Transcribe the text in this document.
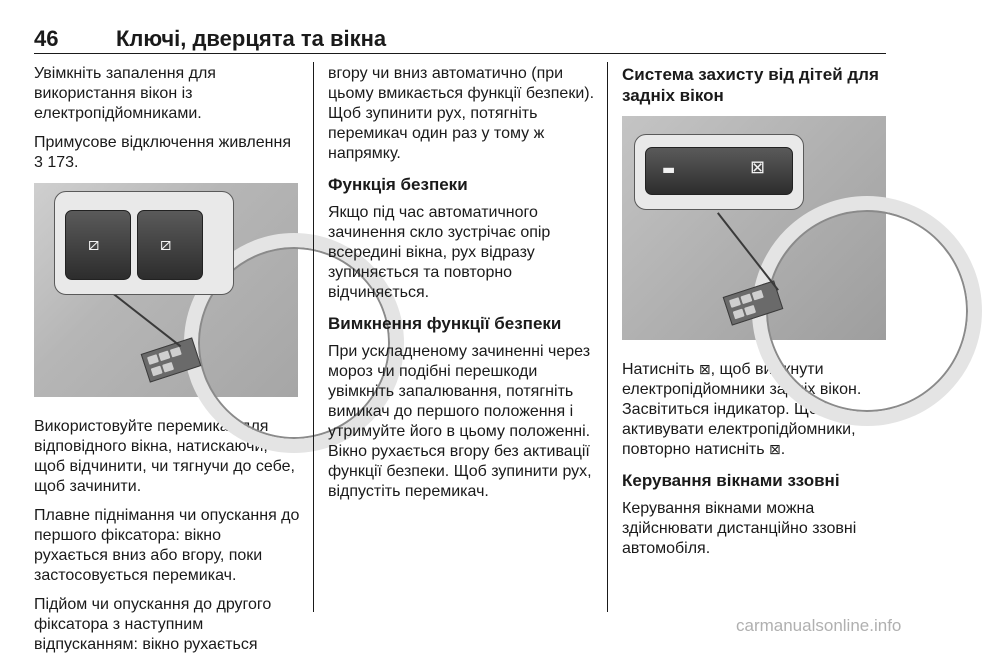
46	Ключі, дверцята та вікна
Увімкніть запалення для
використання вікон із
електропідйомниками.
Примусове відключення живлення
3 173.
⧄	⧄
Використовуйте перемикач для
відповідного вікна, натискаючи,
щоб відчинити, чи тягнучи до себе,
щоб зачинити.
Плавне піднімання чи опускання до
першого фіксатора: вікно
рухається вниз або вгору, поки
застосовується перемикач.
Підйом чи опускання до другого
фіксатора з наступним
відпусканням: вікно рухається
вгору чи вниз автоматично (при
цьому вмикається функції безпеки).
Щоб зупинити рух, потягніть
перемикач один раз у тому ж
напрямку.
Функція безпеки
Якщо під час автоматичного
зачинення скло зустрічає опір
всередині вікна, рух відразу
зупиняється та повторно
відчиняється.
Вимкнення функції безпеки
При ускладненому зачиненні через
мороз чи подібні перешкоди
увімкніть запалювання, потягніть
вимикач до першого положення і
утримуйте його в цьому положенні.
Вікно рухається вгору без активації
функції безпеки. Щоб зупинити рух,
відпустіть перемикач.
Система захисту від дітей для
задніх вікон
▬	⊠
Натисніть ⊠, щоб вимкнути
електропідйомники задніх вікон.
Засвітиться індикатор. Щоб
активувати електропідйомники,
повторно натисніть ⊠.
Керування вікнами ззовні
Керування вікнами можна
здійснювати дистанційно ззовні
автомобіля.
carmanualsonline.info
